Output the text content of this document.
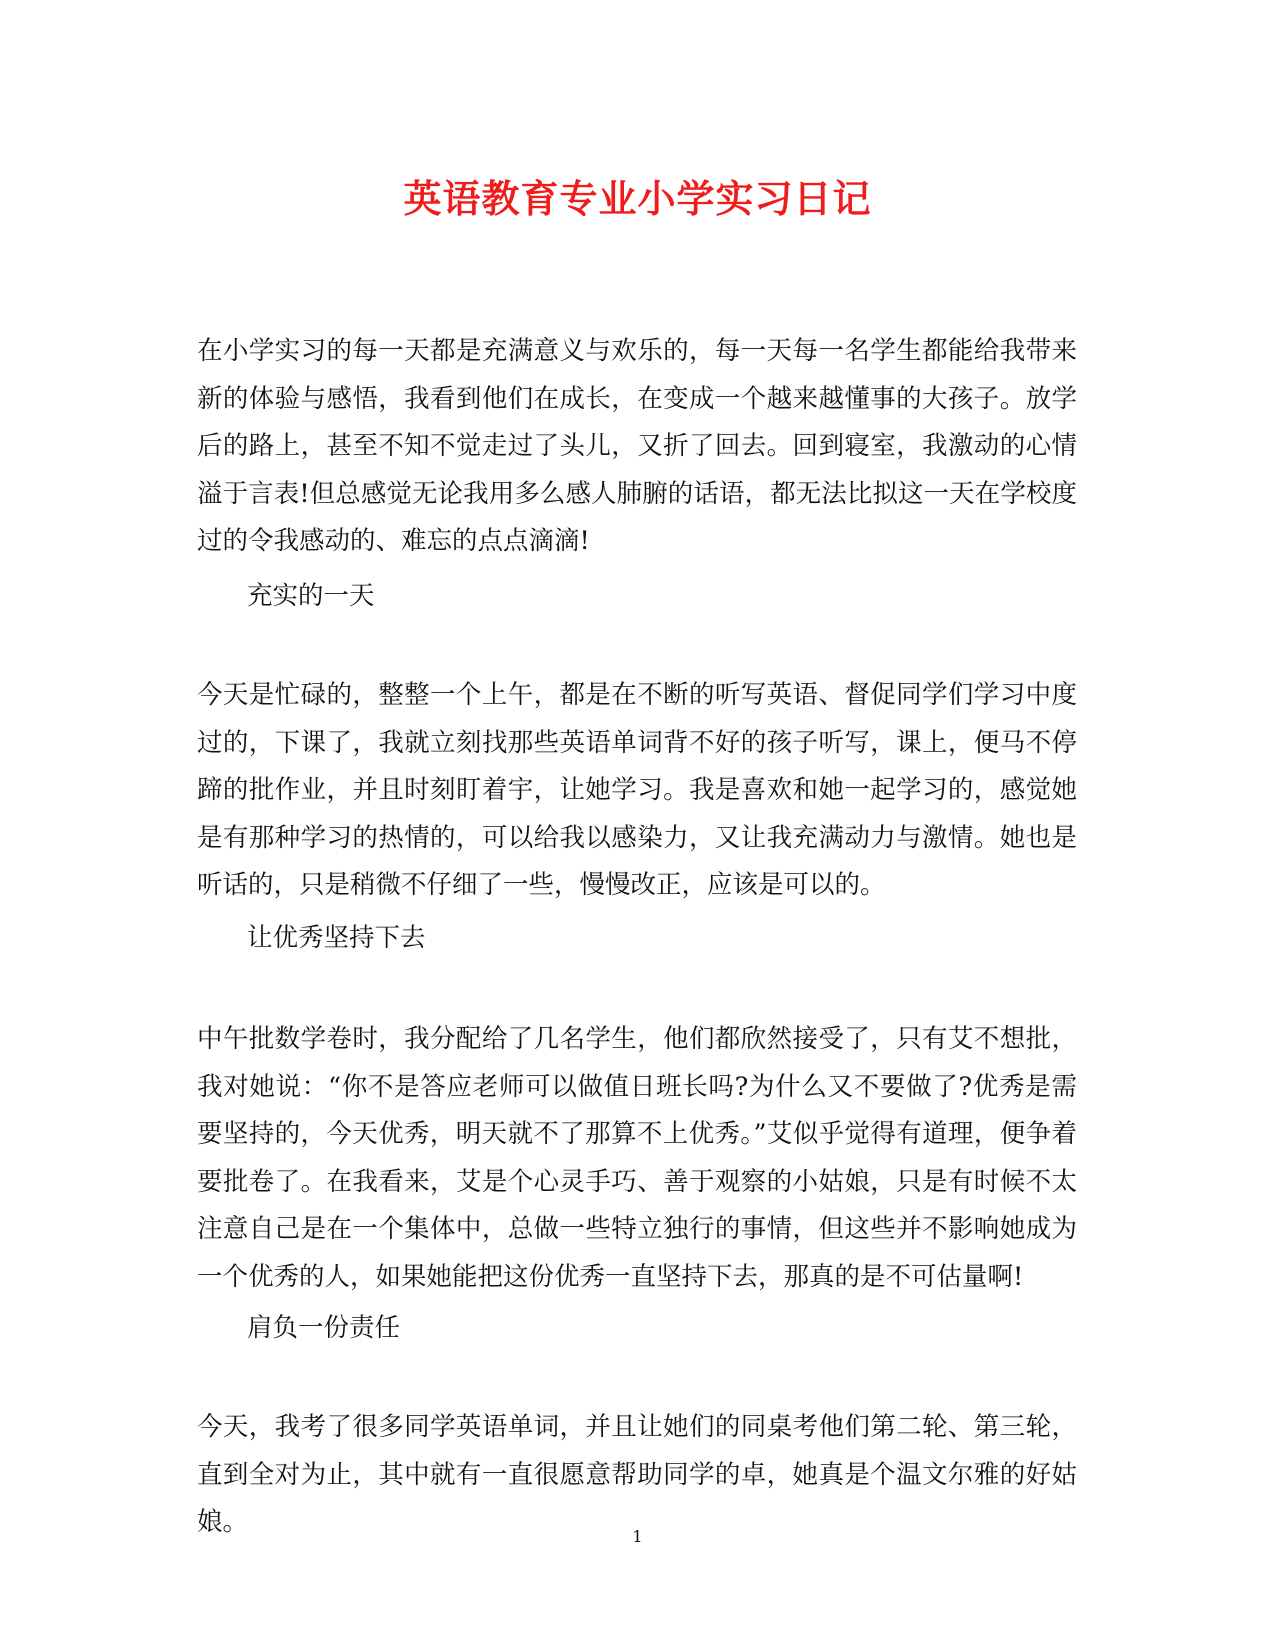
英语教育专业小学实习日记

在小学实习的每一天都是充满意义与欢乐的，每一天每一名学生都能给我带来新的体验与感悟，我看到他们在成长，在变成一个越来越懂事的大孩子。放学后的路上，甚至不知不觉走过了头儿，又折了回去。回到寝室，我激动的心情溢于言表!但总感觉无论我用多么感人肺腑的话语，都无法比拟这一天在学校度过的令我感动的、难忘的点点滴滴!

充实的一天

今天是忙碌的，整整一个上午，都是在不断的听写英语、督促同学们学习中度过的，下课了，我就立刻找那些英语单词背不好的孩子听写，课上，便马不停蹄的批作业，并且时刻盯着宇，让她学习。我是喜欢和她一起学习的，感觉她是有那种学习的热情的，可以给我以感染力，又让我充满动力与激情。她也是听话的，只是稍微不仔细了一些，慢慢改正，应该是可以的。

让优秀坚持下去

中午批数学卷时，我分配给了几名学生，他们都欣然接受了，只有艾不想批，我对她说：“你不是答应老师可以做值日班长吗?为什么又不要做了?优秀是需要坚持的，今天优秀，明天就不了那算不上优秀。”艾似乎觉得有道理，便争着要批卷了。在我看来，艾是个心灵手巧、善于观察的小姑娘，只是有时候不太注意自己是在一个集体中，总做一些特立独行的事情，但这些并不影响她成为一个优秀的人，如果她能把这份优秀一直坚持下去，那真的是不可估量啊!

肩负一份责任

今天，我考了很多同学英语单词，并且让她们的同桌考他们第二轮、第三轮，直到全对为止，其中就有一直很愿意帮助同学的卓，她真是个温文尔雅的好姑娘。	1
